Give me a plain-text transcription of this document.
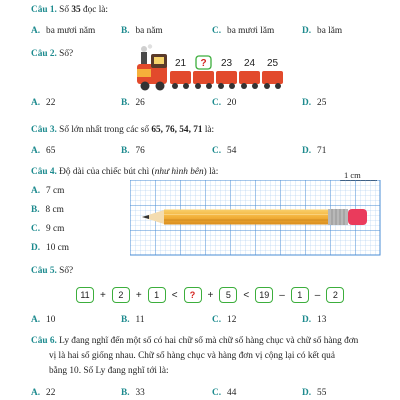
Câu 1. Số 35 đọc là:
A. ba mươi năm	B. ba năm	C. ba mươi lăm	D. ba lăm
Câu 2. Số?
21 ? 23 24 25
A. 22	B. 26	C. 20	D. 25
Câu 3. Số lớn nhất trong các số 65, 76, 54, 71 là:
A. 65	B. 76	C. 54	D. 71
Câu 4. Độ dài của chiếc bút chì (như hình bên) là:	1 cm
A. 7 cm
B. 8 cm
C. 9 cm
D. 10 cm
Câu 5. Số?
11	+	2	+	1	<	?	+	5	<	19	–	1	–	2
A. 10	B. 11	C. 12	D. 13
Câu 6. Ly đang nghĩ đến một số có hai chữ số mà chữ số hàng chục và chữ số hàng đơn
vị là hai số giống nhau. Chữ số hàng chục và hàng đơn vị cộng lại có kết quả
bằng 10. Số Ly đang nghĩ tới là:
A. 22	B. 33	C. 44	D. 55
